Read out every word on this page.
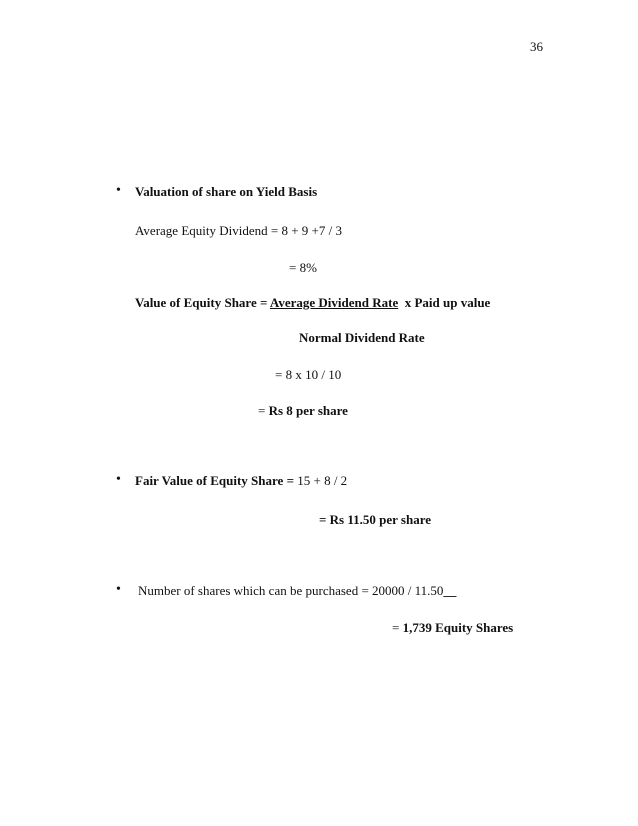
36
• Valuation of share on Yield Basis
Average Equity Dividend = 8 + 9 +7 / 3
= 8%
Value of Equity Share = Average Dividend Rate x Paid up value
Normal Dividend Rate
= 8 x 10 / 10
= Rs 8 per share
• Fair Value of Equity Share = 15 + 8 / 2
= Rs 11.50 per share
• Number of shares which can be purchased = 20000 / 11.50__
= 1,739 Equity Shares
